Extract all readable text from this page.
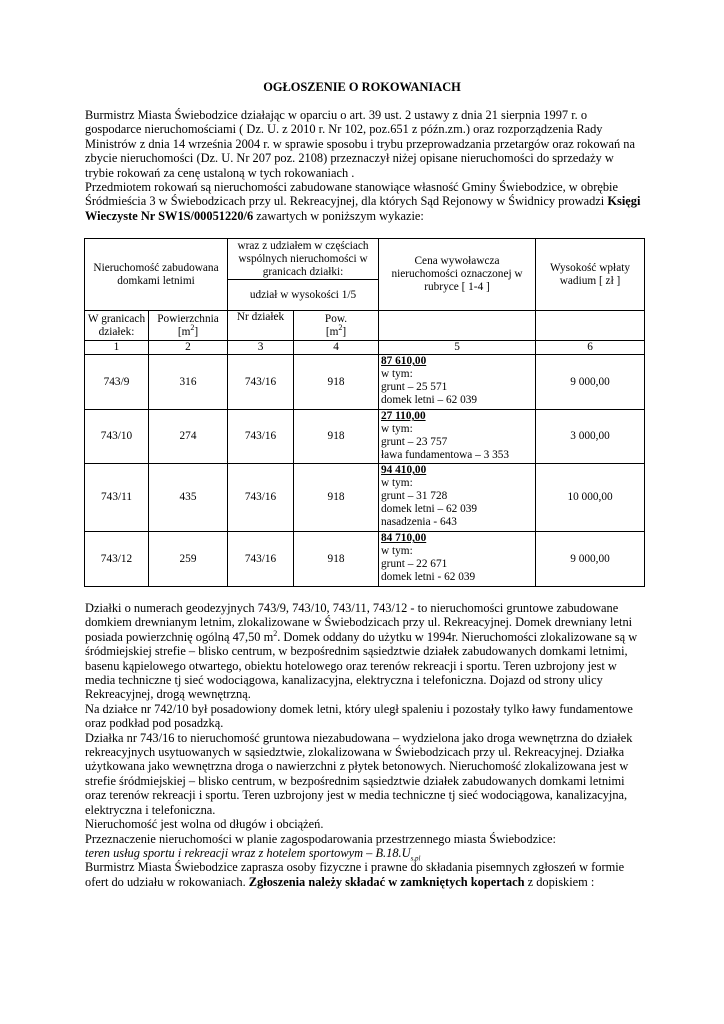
OGŁOSZENIE O ROKOWANIACH

Burmistrz Miasta Świebodzice działając w oparciu o art. 39 ust. 2 ustawy z dnia 21 sierpnia 1997 r. o gospodarce nieruchomościami ( Dz. U. z 2010 r. Nr 102, poz.651 z późn.zm.) oraz rozporządzenia Rady Ministrów z dnia 14 września 2004 r. w sprawie sposobu i trybu przeprowadzania przetargów oraz rokowań na zbycie nieruchomości (Dz. U. Nr 207 poz. 2108) przeznaczył niżej opisane nieruchomości do sprzedaży w trybie rokowań za cenę ustaloną w tych rokowaniach .

Przedmiotem rokowań są nieruchomości zabudowane stanowiące własność Gminy Świebodzice, w obrębie Śródmieścia 3 w Świebodzicach przy ul. Rekreacyjnej, dla których Sąd Rejonowy w Świdnicy prowadzi Księgi Wieczyste Nr SW1S/00051220/6 zawartych w poniższym wykazie:

Nieruchomość zabudowana domkami letnimi		wraz z udziałem w częściach wspólnych nieruchomości w granicach działki:		Cena wywoławcza nieruchomości oznaczonej w rubryce [ 1-4 ]	Wysokość wpłaty wadium [ zł ]
		udział w wysokości 1/5			
W granicach działek:	Powierzchnia
$[m^2]$	Nr działek	Pow.
$[m^2]$		
1	2	3	4	5	6
743/9	316	743/16	918	87 610,00
w tym:
grunt – 25 571
domek letni – 62 039	9 000,00
743/10	274	743/16	918	27 110,00
w tym:
grunt – 23 757
ława fundamentowa – 3 353	3 000,00
743/11	435	743/16	918	94 410,00
w tym:
grunt – 31 728
domek letni – 62 039
nasadzenia - 643	10 000,00
743/12	259	743/16	918	84 710,00
w tym:
grunt – 22 671
domek letni - 62 039	9 000,00

Działki o numerach geodezyjnych 743/9, 743/10, 743/11, 743/12 - to nieruchomości gruntowe zabudowane domkiem drewnianym letnim, zlokalizowane w Świebodzicach przy ul. Rekreacyjnej. Domek drewniany letni posiada powierzchnię ogólną 47,50 $m^2$. Domek oddany do użytku w 1994r. Nieruchomości zlokalizowane są w śródmiejskiej strefie – blisko centrum, w bezpośrednim sąsiedztwie działek zabudowanych domkami letnimi, basenu kąpielowego otwartego, obiektu hotelowego oraz terenów rekreacji i sportu. Teren uzbrojony jest w media techniczne tj sieć wodociągowa, kanalizacyjna, elektryczna i telefoniczna. Dojazd od strony ulicy Rekreacyjnej, drogą wewnętrzną.

Na działce nr 742/10 był posadowiony domek letni, który uległ spaleniu i pozostały tylko ławy fundamentowe oraz podkład pod posadzką.

Działka nr 743/16 to nieruchomość gruntowa niezabudowana – wydzielona jako droga wewnętrzna do działek rekreacyjnych usytuowanych w sąsiedztwie, zlokalizowana w Świebodzicach przy ul. Rekreacyjnej. Działka użytkowana jako wewnętrzna droga o nawierzchni z płytek betonowych. Nieruchomość zlokalizowana jest w strefie śródmiejskiej – blisko centrum, w bezpośrednim sąsiedztwie działek zabudowanych domkami letnimi oraz terenów rekreacji i sportu. Teren uzbrojony jest w media techniczne tj sieć wodociągowa, kanalizacyjna, elektryczna i telefoniczna.

Nieruchomość jest wolna od długów i obciążeń.

Przeznaczenie nieruchomości w planie zagospodarowania przestrzennego miasta Świebodzice:

teren usług sportu i rekreacji wraz z hotelem sportowym – $B.18.U_{s,pl}$

Burmistrz Miasta Świebodzice zaprasza osoby fizyczne i prawne do składania pisemnych zgłoszeń w formie ofert do udziału w rokowaniach. Zgłoszenia należy składać w zamkniętych kopertach z dopiskiem :
